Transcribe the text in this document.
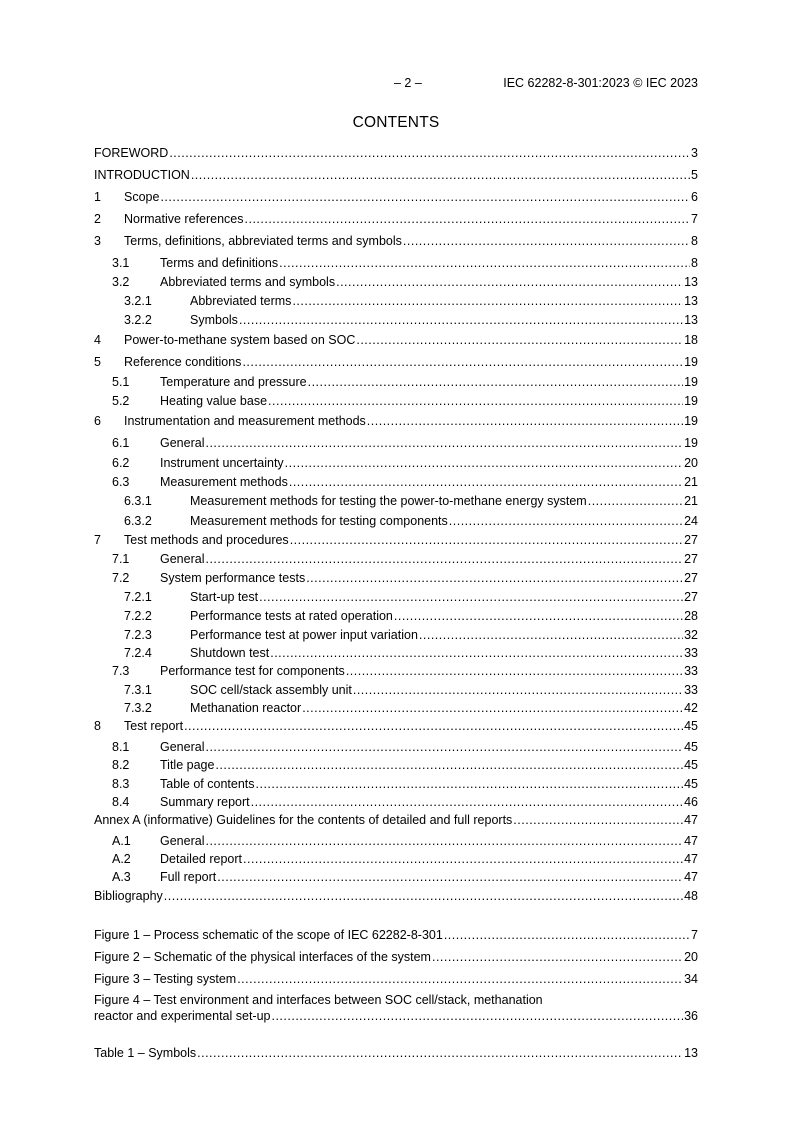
– 2 –	IEC 62282-8-301:2023 © IEC 2023
CONTENTS
FOREWORD .....	3
INTRODUCTION .....	5
1	Scope .....	6
2	Normative references .....	7
3	Terms, definitions, abbreviated terms and symbols .....	8
3.1	Terms and definitions .....	8
3.2	Abbreviated terms and symbols .....	13
3.2.1	Abbreviated terms .....	13
3.2.2	Symbols .....	13
4	Power-to-methane system based on SOC .....	18
5	Reference conditions .....	19
5.1	Temperature and pressure .....	19
5.2	Heating value base .....	19
6	Instrumentation and measurement methods .....	19
6.1	General .....	19
6.2	Instrument uncertainty .....	20
6.3	Measurement methods .....	21
6.3.1	Measurement methods for testing the power-to-methane energy system .....	21
6.3.2	Measurement methods for testing components .....	24
7	Test methods and procedures .....	27
7.1	General .....	27
7.2	System performance tests .....	27
7.2.1	Start-up test .....	27
7.2.2	Performance tests at rated operation .....	28
7.2.3	Performance test at power input variation .....	32
7.2.4	Shutdown test .....	33
7.3	Performance test for components .....	33
7.3.1	SOC cell/stack assembly unit .....	33
7.3.2	Methanation reactor .....	42
8	Test report .....	45
8.1	General .....	45
8.2	Title page .....	45
8.3	Table of contents .....	45
8.4	Summary report .....	46
Annex A (informative) Guidelines for the contents of detailed and full reports .....	47
A.1	General .....	47
A.2	Detailed report .....	47
A.3	Full report .....	47
Bibliography .....	48
Figure 1 – Process schematic of the scope of IEC 62282-8-301 .....	7
Figure 2 – Schematic of the physical interfaces of the system .....	20
Figure 3 – Testing system .....	34
Figure 4 – Test environment and interfaces between SOC cell/stack, methanation
reactor and experimental set-up .....	36
Table 1 – Symbols .....	13
